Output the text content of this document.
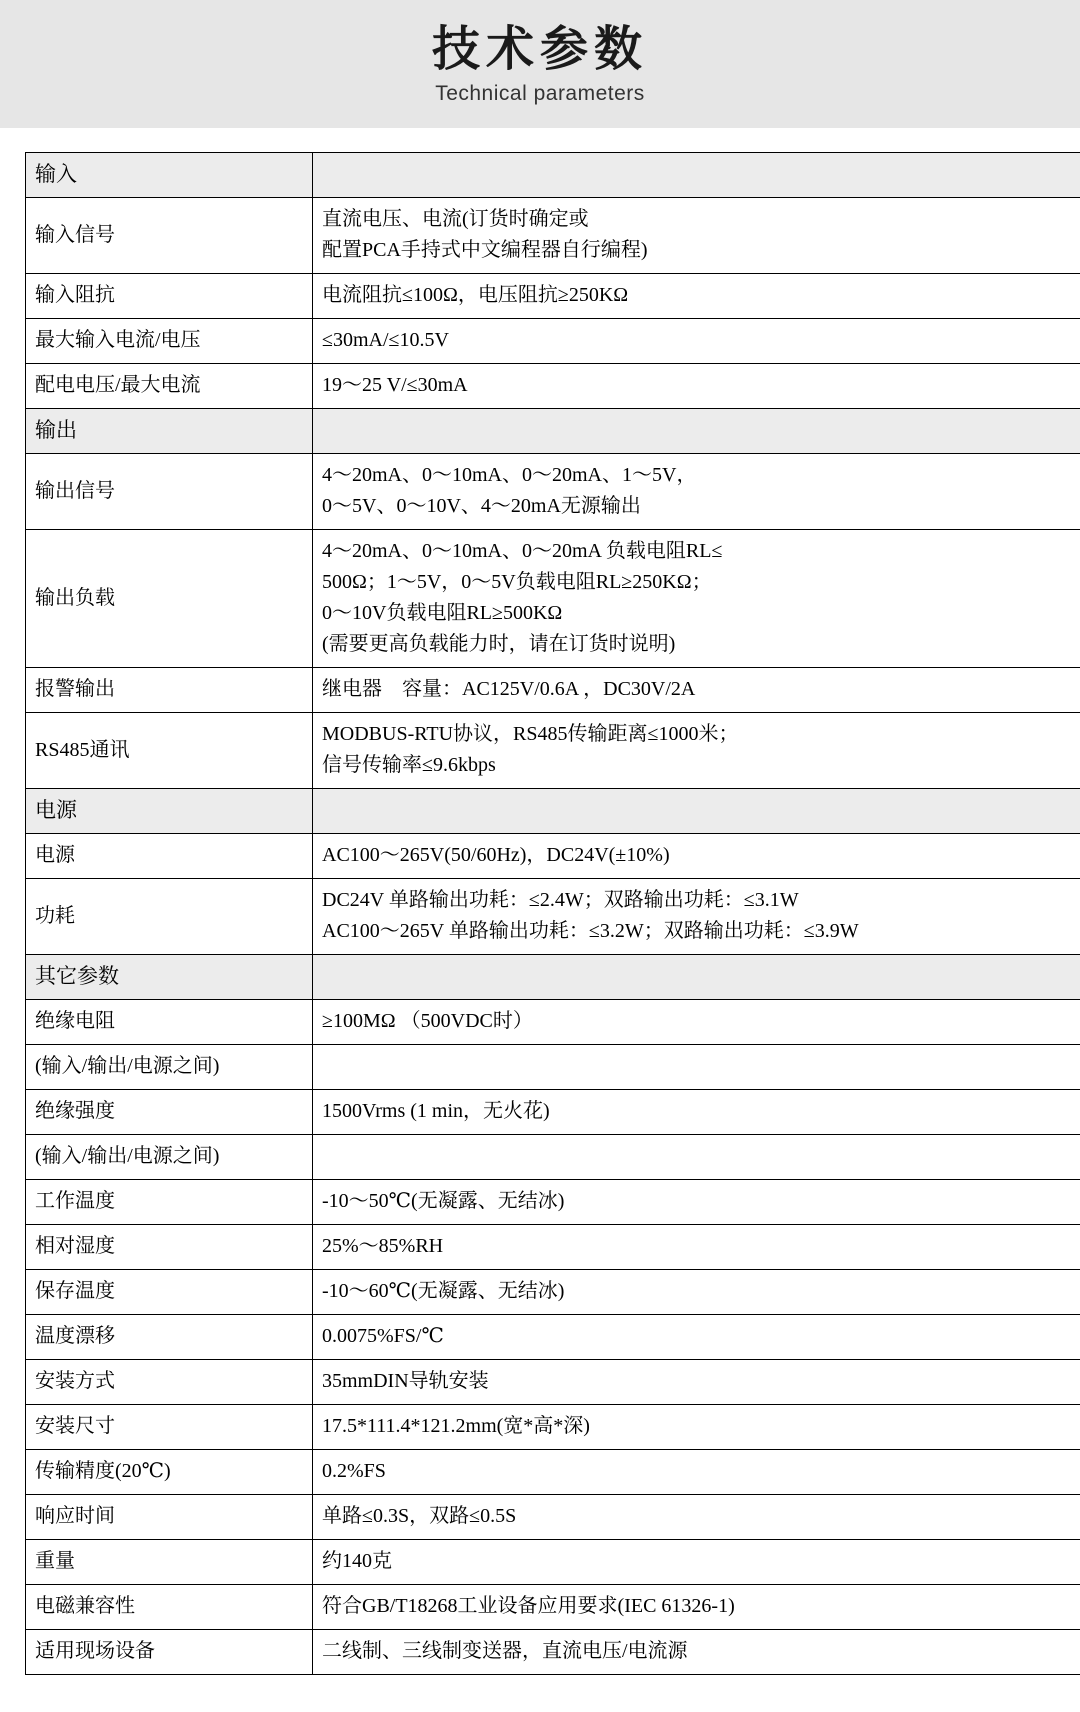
技术参数
Technical parameters
输入	
输入信号	直流电压、电流(订货时确定或
配置PCA手持式中文编程器自行编程)

输入阻抗	电流阻抗≤100Ω，电压阻抗≥250KΩ

最大输入电流/电压	≤30mA/≤10.5V

配电电压/最大电流	19～25 V/≤30mA

输出	
输出信号	4～20mA、0～10mA、0～20mA、1～5V，
0～5V、0～10V、4～20mA无源输出

输出负载	4～20mA、0～10mA、0～20mA 负载电阻RL≤
500Ω；1～5V，0～5V负载电阻RL≥250KΩ；
0～10V负载电阻RL≥500KΩ
(需要更高负载能力时，请在订货时说明)

报警输出	继电器　容量：AC125V/0.6A ，DC30V/2A

RS485通讯	MODBUS-RTU协议，RS485传输距离≤1000米；
信号传输率≤9.6kbps

电源	
电源	AC100～265V(50/60Hz)，DC24V(±10%)

功耗	DC24V 单路输出功耗：≤2.4W；双路输出功耗：≤3.1W
AC100～265V 单路输出功耗：≤3.2W；双路输出功耗：≤3.9W

其它参数	
绝缘电阻	≥100MΩ （500VDC时）

(输入/输出/电源之间)	

绝缘强度	1500Vrms (1 min，无火花)

(输入/输出/电源之间)	

工作温度	-10～50℃(无凝露、无结冰)

相对湿度	25%～85%RH

保存温度	-10～60℃(无凝露、无结冰)

温度漂移	0.0075%FS/℃

安装方式	35mmDIN导轨安装

安装尺寸	17.5*111.4*121.2mm(宽*高*深)

传输精度(20℃)	0.2%FS

响应时间	单路≤0.3S，双路≤0.5S

重量	约140克

电磁兼容性	符合GB/T18268工业设备应用要求(IEC 61326-1)

适用现场设备	二线制、三线制变送器，直流电压/电流源
